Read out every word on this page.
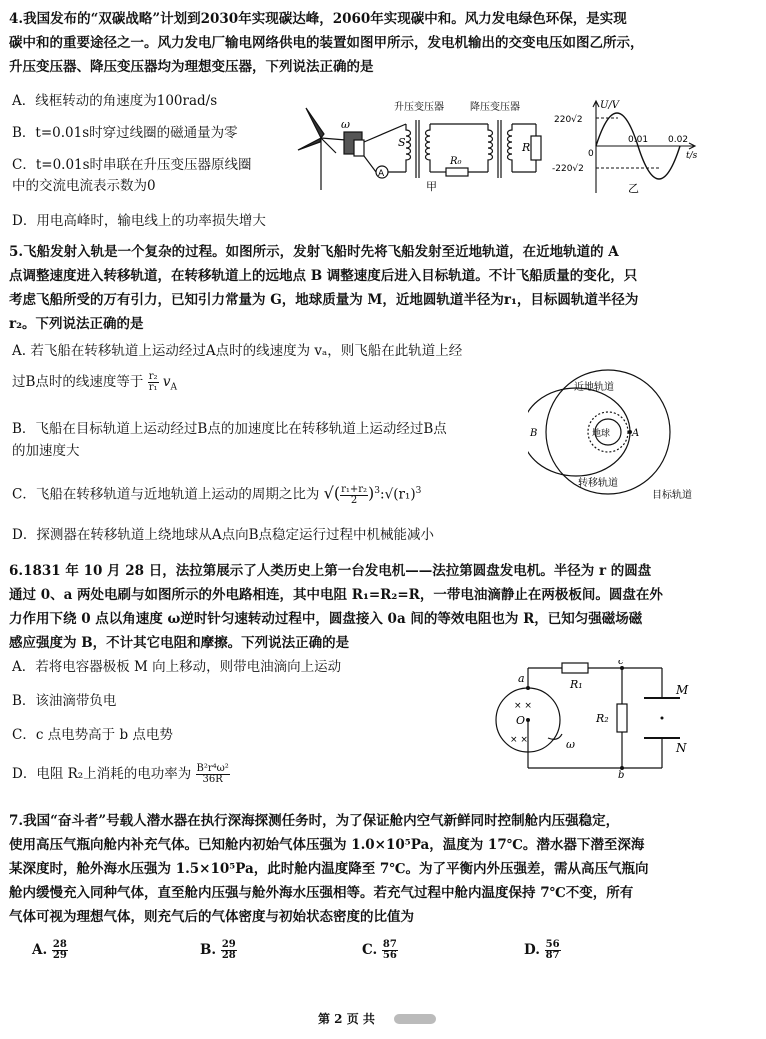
4.我国发布的“双碳战略”计划到2030年实现碳达峰，2060年实现碳中和。风力发电绿色环保，是实现
碳中和的重要途径之一。风力发电厂输电网络供电的装置如图甲所示，发电机输出的交变电压如图乙所示，
升压变压器、降压变压器均为理想变压器，下列说法正确的是
A．线框转动的角速度为100rad/s
B．t=0.01s时穿过线圈的磁通量为零
C．t=0.01s时串联在升压变压器原线圈
中的交流电流表示数为0
D．用电高峰时，输电线上的功率损失增大
升压变压器	降压变压器
S
R₀
R
A
ω
甲
U/V
t/s
220√2
-220√2
0
0.01 0.02
乙
5.飞船发射入轨是一个复杂的过程。如图所示，发射飞船时先将飞船发射至近地轨道，在近地轨道的 A
点调整速度进入转移轨道，在转移轨道上的远地点 B 调整速度后进入目标轨道。不计飞船质量的变化，只
考虑飞船所受的万有引力，已知引力常量为 G，地球质量为 M，近地圆轨道半径为r₁，目标圆轨道半径为
r₂。下列说法正确的是
A. 若飞船在转移轨道上运动经过A点时的线速度为 vₐ，则飞船在此轨道上经
过B点时的线速度等于 $\frac{\text{r₂}}{\text{r₁}} v_A$
B．飞船在目标轨道上运动经过B点的加速度比在转移轨道上运动经过B点
的加速度大
C．飞船在转移轨道与近地轨道上运动的周期之比为 √( $\frac{\text{r₁+r₂}}{2}$ )$^3:√(r_1)^3$
D．探测器在转移轨道上绕地球从A点向B点稳定运行过程中机械能减小
地球 A
B
近地轨道
转移轨道
目标轨道
6.1831 年 10 月 28 日，法拉第展示了人类历史上第一台发电机——法拉第圆盘发电机。半径为 r 的圆盘
通过 0、a 两处电刷与如图所示的外电路相连，其中电阻 R₁=R₂=R，一带电油滴静止在两极板间。圆盘在外
力作用下绕 0 点以角速度 ω逆时针匀速转动过程中，圆盘接入 0a 间的等效电阻也为 R，已知匀强磁场磁
感应强度为 B，不计其它电阻和摩擦。下列说法正确的是
A．若将电容器极板 M 向上移动，则带电油滴向上运动
B．该油滴带负电
C．c 点电势高于 b 点电势
D．电阻 R₂上消耗的电功率为 $\frac{\text{B²r⁴ω²}}{36R}$
× ×
× ×
O
a
c
b
R₁
R₂
M
N
ω
7.我国“奋斗者”号载人潜水器在执行深海探测任务时，为了保证舱内空气新鲜同时控制舱内压强稳定，
使用高压气瓶向舱内补充气体。已知舱内初始气体压强为 1.0×10⁵Pa，温度为 17℃。潜水器下潜至深海
某深度时，舱外海水压强为 1.5×10⁵Pa，此时舱内温度降至 7℃。为了平衡内外压强差，需从高压气瓶向
舱内缓慢充入同种气体，直至舱内压强与舱外海水压强相等。若充气过程中舱内温度保持 7℃不变，所有
气体可视为理想气体，则充气后的气体密度与初始状态密度的比值为
A. $\frac{28}{29}$	B. $\frac{29}{28}$	C. $\frac{87}{56}$	D. $\frac{56}{87}$
第 2 页 共
